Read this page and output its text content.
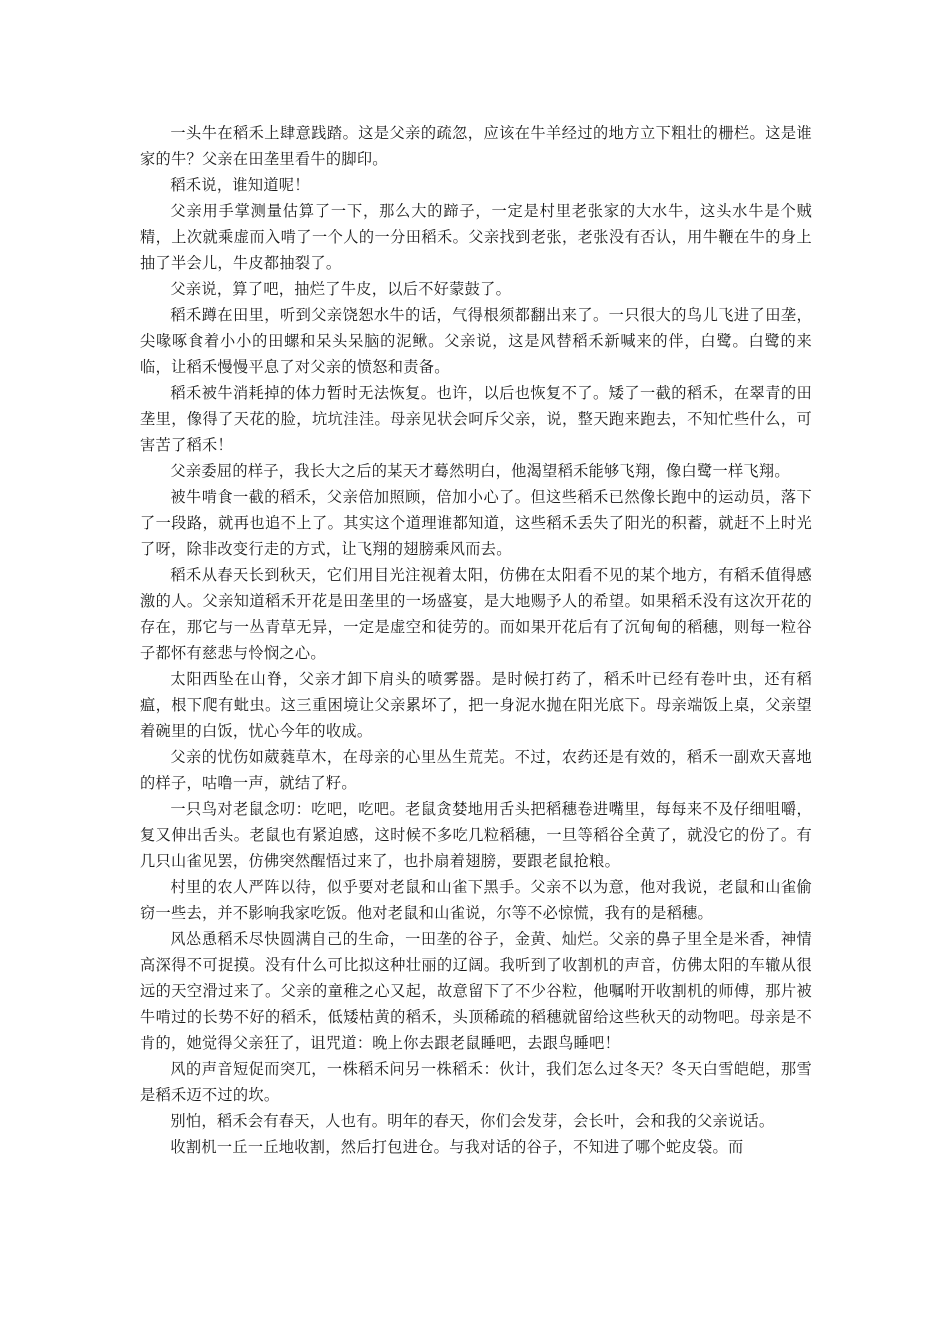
一头牛在稻禾上肆意践踏。这是父亲的疏忽，应该在牛羊经过的地方立下粗壮的栅栏。这是谁家的牛？父亲在田垄里看牛的脚印。

稻禾说，谁知道呢！

父亲用手掌测量估算了一下，那么大的蹄子，一定是村里老张家的大水牛，这头水牛是个贼精，上次就乘虚而入啃了一个人的一分田稻禾。父亲找到老张，老张没有否认，用牛鞭在牛的身上抽了半会儿，牛皮都抽裂了。

父亲说，算了吧，抽烂了牛皮，以后不好蒙鼓了。

稻禾蹲在田里，听到父亲饶恕水牛的话，气得根须都翻出来了。一只很大的鸟儿飞进了田垄，尖喙啄食着小小的田螺和呆头呆脑的泥鳅。父亲说，这是风替稻禾新喊来的伴，白鹭。白鹭的来临，让稻禾慢慢平息了对父亲的愤怒和责备。

稻禾被牛消耗掉的体力暂时无法恢复。也许，以后也恢复不了。矮了一截的稻禾，在翠青的田垄里，像得了天花的脸，坑坑洼洼。母亲见状会呵斥父亲，说，整天跑来跑去，不知忙些什么，可害苦了稻禾！

父亲委屈的样子，我长大之后的某天才蓦然明白，他渴望稻禾能够飞翔，像白鹭一样飞翔。

被牛啃食一截的稻禾，父亲倍加照顾，倍加小心了。但这些稻禾已然像长跑中的运动员，落下了一段路，就再也追不上了。其实这个道理谁都知道，这些稻禾丢失了阳光的积蓄，就赶不上时光了呀，除非改变行走的方式，让飞翔的翅膀乘风而去。

稻禾从春天长到秋天，它们用目光注视着太阳，仿佛在太阳看不见的某个地方，有稻禾值得感激的人。父亲知道稻禾开花是田垄里的一场盛宴，是大地赐予人的希望。如果稻禾没有这次开花的存在，那它与一丛青草无异，一定是虚空和徒劳的。而如果开花后有了沉甸甸的稻穗，则每一粒谷子都怀有慈悲与怜悯之心。

太阳西坠在山脊，父亲才卸下肩头的喷雾器。是时候打药了，稻禾叶已经有卷叶虫，还有稻瘟，根下爬有蚍虫。这三重困境让父亲累坏了，把一身泥水抛在阳光底下。母亲端饭上桌，父亲望着碗里的白饭，忧心今年的收成。

父亲的忧伤如葳蕤草木，在母亲的心里丛生荒芜。不过，农药还是有效的，稻禾一副欢天喜地的样子，咕噜一声，就结了籽。

一只鸟对老鼠念叨：吃吧，吃吧。老鼠贪婪地用舌头把稻穗卷进嘴里，每每来不及仔细咀嚼，复又伸出舌头。老鼠也有紧迫感，这时候不多吃几粒稻穗，一旦等稻谷全黄了，就没它的份了。有几只山雀见罢，仿佛突然醒悟过来了，也扑扇着翅膀，要跟老鼠抢粮。

村里的农人严阵以待，似乎要对老鼠和山雀下黑手。父亲不以为意，他对我说，老鼠和山雀偷窃一些去，并不影响我家吃饭。他对老鼠和山雀说，尔等不必惊慌，我有的是稻穗。

风怂恿稻禾尽快圆满自己的生命，一田垄的谷子，金黄、灿烂。父亲的鼻子里全是米香，神情高深得不可捉摸。没有什么可比拟这种壮丽的辽阔。我听到了收割机的声音，仿佛太阳的车辙从很远的天空滑过来了。父亲的童稚之心又起，故意留下了不少谷粒，他嘱咐开收割机的师傅，那片被牛啃过的长势不好的稻禾，低矮枯黄的稻禾，头顶稀疏的稻穗就留给这些秋天的动物吧。母亲是不肯的，她觉得父亲狂了，诅咒道：晚上你去跟老鼠睡吧，去跟鸟睡吧！

风的声音短促而突兀，一株稻禾问另一株稻禾：伙计，我们怎么过冬天？冬天白雪皑皑，那雪是稻禾迈不过的坎。

别怕，稻禾会有春天，人也有。明年的春天，你们会发芽，会长叶，会和我的父亲说话。

收割机一丘一丘地收割，然后打包进仓。与我对话的谷子，不知进了哪个蛇皮袋。而
